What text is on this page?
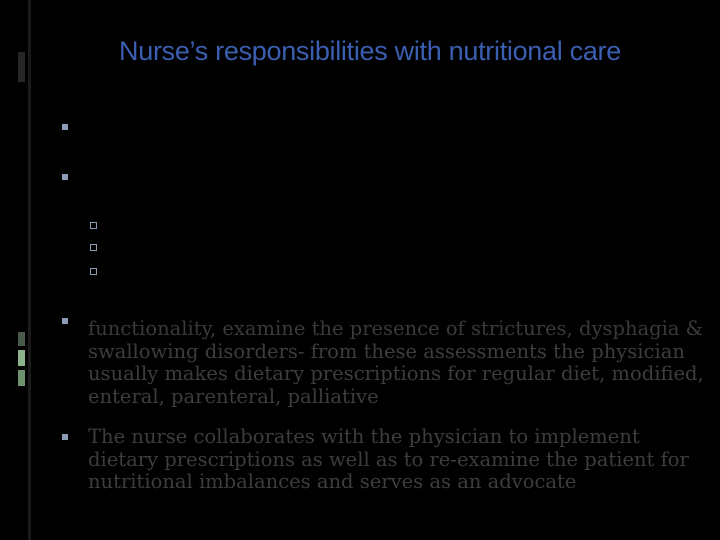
Nurse’s responsibilities with nutritional care
functionality, examine the presence of strictures, dysphagia &
swallowing disorders- from these assessments the physician usually makes dietary prescriptions for regular diet, modified, enteral, parenteral, palliative
The nurse collaborates with the physician to implement dietary prescriptions as well as to re-examine the patient for nutritional imbalances and serves as an advocate
